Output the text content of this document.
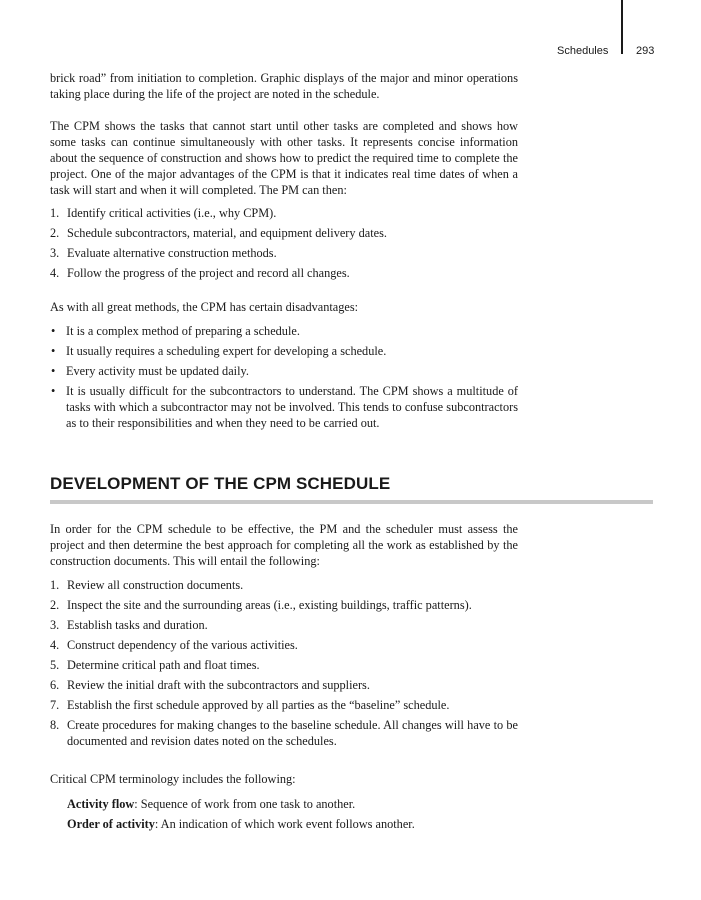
Schedules	293

brick road” from initiation to completion. Graphic displays of the major and minor operations taking place during the life of the project are noted in the schedule.

The CPM shows the tasks that cannot start until other tasks are completed and shows how some tasks can continue simultaneously with other tasks. It represents concise information about the sequence of construction and shows how to predict the required time to complete the project. One of the major advantages of the CPM is that it indicates real time dates of when a task will start and when it will completed. The PM can then:

1. Identify critical activities (i.e., why CPM).
2. Schedule subcontractors, material, and equipment delivery dates.
3. Evaluate alternative construction methods.
4. Follow the progress of the project and record all changes.

As with all great methods, the CPM has certain disadvantages:

• It is a complex method of preparing a schedule.
• It usually requires a scheduling expert for developing a schedule.
• Every activity must be updated daily.
• It is usually difficult for the subcontractors to understand. The CPM shows a multitude of tasks with which a subcontractor may not be involved. This tends to confuse subcontractors as to their responsibilities and when they need to be carried out.
DEVELOPMENT OF THE CPM SCHEDULE

In order for the CPM schedule to be effective, the PM and the scheduler must assess the project and then determine the best approach for completing all the work as established by the construction documents. This will entail the following:

1. Review all construction documents.
2. Inspect the site and the surrounding areas (i.e., existing buildings, traffic patterns).
3. Establish tasks and duration.
4. Construct dependency of the various activities.
5. Determine critical path and float times.
6. Review the initial draft with the subcontractors and suppliers.
7. Establish the first schedule approved by all parties as the “baseline” schedule.
8. Create procedures for making changes to the baseline schedule. All changes will have to be documented and revision dates noted on the schedules.

Critical CPM terminology includes the following:

Activity flow: Sequence of work from one task to another.
Order of activity: An indication of which work event follows another.
